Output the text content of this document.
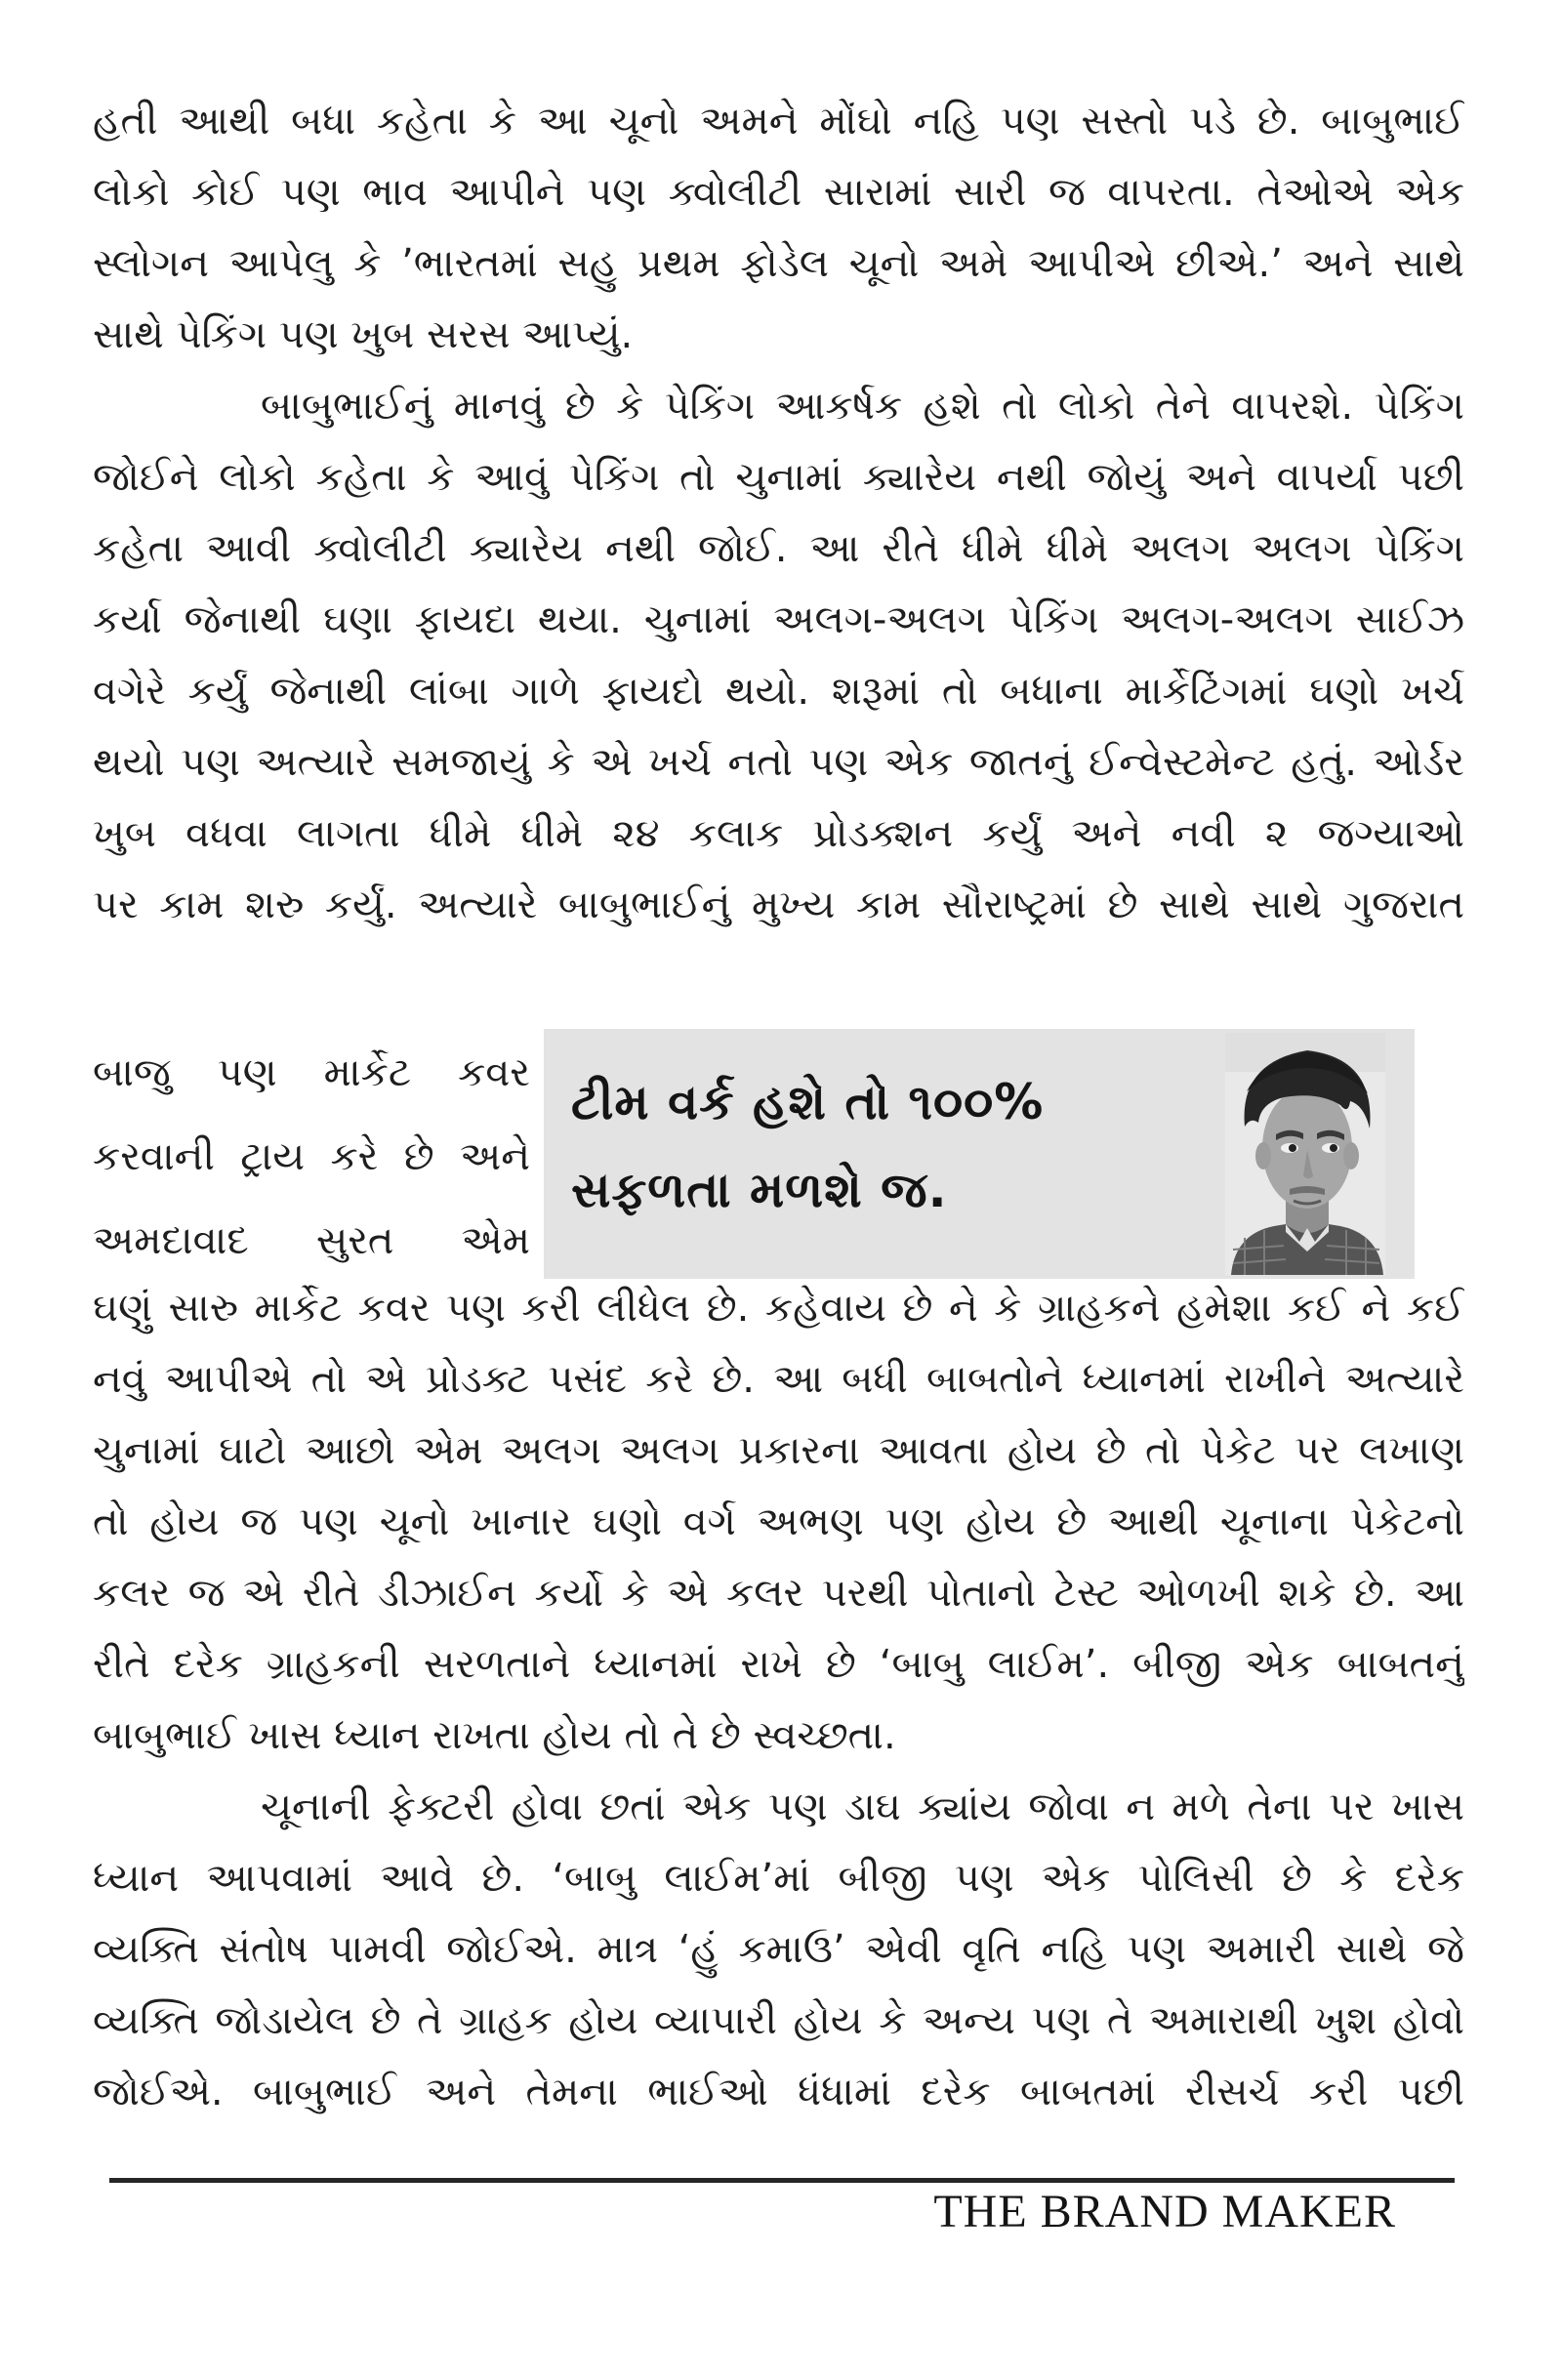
હતી આથી બધા કહેતા કે આ ચૂનો અમને મોંઘો નહિ પણ સસ્તો પડે છે. બાબુભાઈ
લોકો કોઈ પણ ભાવ આપીને પણ ક્વોલીટી સારામાં સારી જ વાપરતા. તેઓએ એક
સ્લોગન આપેલુ કે ’ભારતમાં સહુ પ્રથમ ફોડેલ ચૂનો અમે આપીએ છીએ.’ અને સાથે
સાથે પેકિંગ પણ ખુબ સરસ આપ્યું.
બાબુભાઈનું માનવું છે કે પેકિંગ આકર્ષક હશે તો લોકો તેને વાપરશે. પેકિંગ
જોઈને લોકો કહેતા કે આવું પેકિંગ તો ચુનામાં ક્યારેય નથી જોયું અને વાપર્યા પછી
કહેતા આવી ક્વોલીટી ક્યારેય નથી જોઈ. આ રીતે ધીમે ધીમે અલગ અલગ પેકિંગ
કર્યા જેનાથી ઘણા ફાયદા થયા. ચુનામાં અલગ-અલગ પેકિંગ અલગ-અલગ સાઈઝ
વગેરે કર્યું જેનાથી લાંબા ગાળે ફાયદો થયો. શરૂમાં તો બધાના માર્કેટિંગમાં ઘણો ખર્ચ
થયો પણ અત્યારે સમજાયું કે એ ખર્ચ નતો પણ એક જાતનું ઈન્વેસ્ટમેન્ટ હતું. ઓર્ડર
ખુબ વધવા લાગતા ધીમે ધીમે ૨૪ કલાક પ્રોડક્શન કર્યું અને નવી ૨ જગ્યાઓ
પર કામ શરુ કર્યું. અત્યારે બાબુભાઈનું મુખ્ય કામ સૌરાષ્ટ્રમાં છે સાથે સાથે ગુજરાત
બાજુ પણ માર્કેટ કવર
કરવાની ટ્રાય કરે છે અને
અમદાવાદ સુરત એમ
ટીમ વર્ક હશે તો ૧૦૦%
સફળતા મળશે જ.
ઘણું સારુ માર્કેટ કવર પણ કરી લીધેલ છે. કહેવાય છે ને કે ગ્રાહકને હમેશા કઈ ને કઈ
નવું આપીએ તો એ પ્રોડક્ટ પસંદ કરે છે. આ બધી બાબતોને ધ્યાનમાં રાખીને અત્યારે
ચુનામાં ઘાટો આછો એમ અલગ અલગ પ્રકારના આવતા હોય છે તો પેકેટ પર લખાણ
તો હોય જ પણ ચૂનો ખાનાર ઘણો વર્ગ અભણ પણ હોય છે આથી ચૂનાના પેકેટનો
કલર જ એ રીતે ડીઝાઈન કર્યો કે એ કલર પરથી પોતાનો ટેસ્ટ ઓળખી શકે છે. આ
રીતે દરેક ગ્રાહકની સરળતાને ધ્યાનમાં રાખે છે ‘બાબુ લાઈમ’. બીજી એક બાબતનું
બાબુભાઈ ખાસ ધ્યાન રાખતા હોય તો તે છે સ્વચ્છતા.
ચૂનાની ફેક્ટરી હોવા છતાં એક પણ ડાઘ ક્યાંય જોવા ન મળે તેના પર ખાસ
ધ્યાન આપવામાં આવે છે. ‘બાબુ લાઈમ’માં બીજી પણ એક પોલિસી છે કે દરેક
વ્યક્તિ સંતોષ પામવી જોઈએ. માત્ર ‘હું કમાઉ’ એવી વૃતિ નહિ પણ અમારી સાથે જે
વ્યક્તિ જોડાયેલ છે તે ગ્રાહક હોય વ્યાપારી હોય કે અન્ય પણ તે અમારાથી ખુશ હોવો
જોઈએ. બાબુભાઈ અને તેમના ભાઈઓ ધંધામાં દરેક બાબતમાં રીસર્ચ કરી પછી
THE BRAND MAKER
